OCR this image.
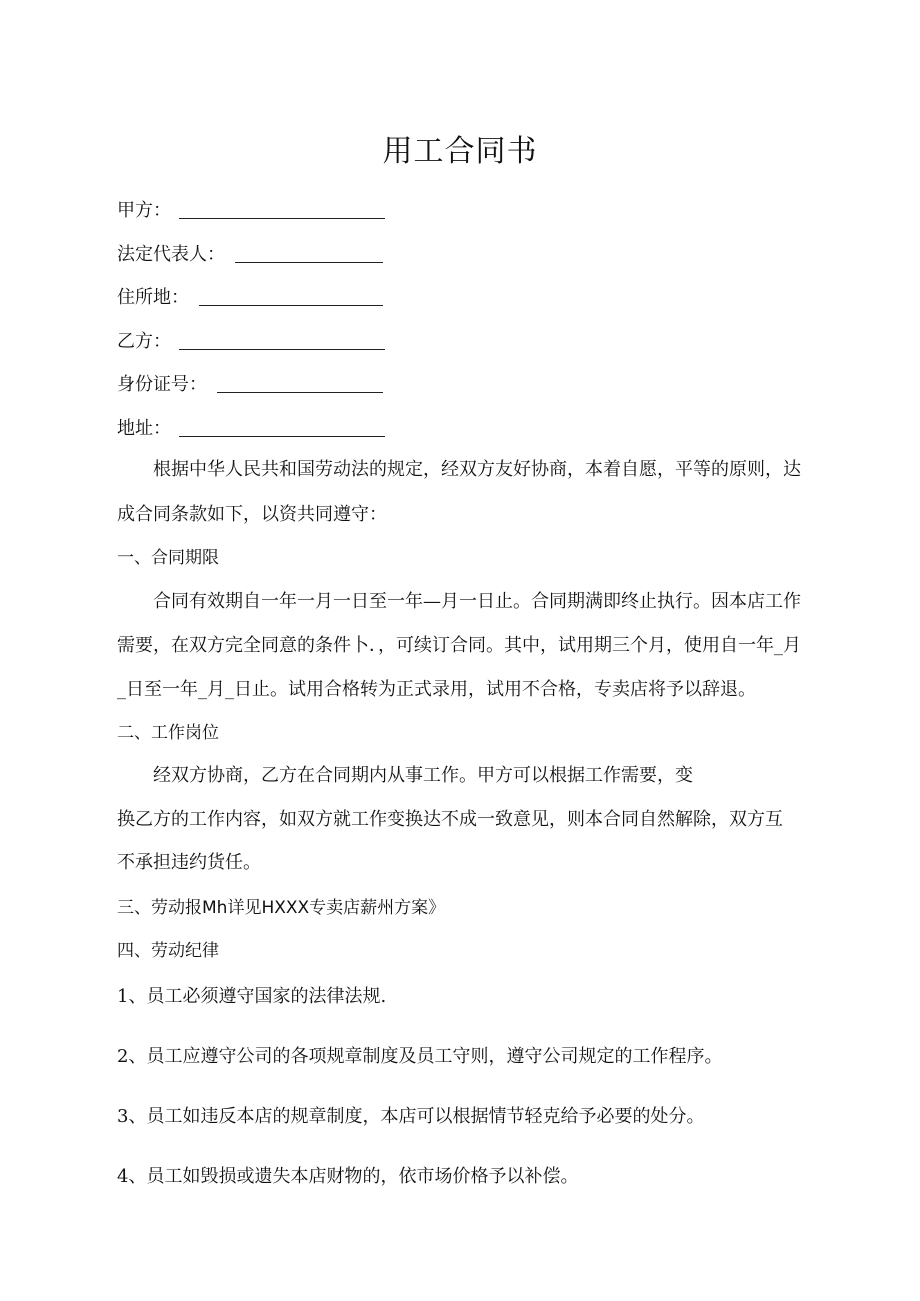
用工合同书
甲方：
法定代表人：
住所地：
乙方：
身份证号：
地址：
根据中华人民共和国劳动法的规定，经双方友好协商，本着自愿，平等的原则，达
成合同条款如下，以资共同遵守：
一、合同期限
合同有效期自一年一月一日至一年—月一日止。合同期满即终止执行。因本店工作
需要，在双方完全同意的条件卜．，可续订合同。其中，试用期三个月，使用自一年_月
_日至一年_月_日止。试用合格转为正式录用，试用不合格，专卖店将予以辞退。
二、工作岗位
经双方协商，乙方在合同期内从事工作。甲方可以根据工作需要，变
换乙方的工作内容，如双方就工作变换达不成一致意见，则本合同自然解除，双方互
不承担违约货任。
三、劳动报Mh详见HXXX专卖店薪州方案》
四、劳动纪律
1、员工必须遵守国家的法律法规.
2、员工应遵守公司的各项规章制度及员工守则，遵守公司规定的工作程序。
3、员工如违反本店的规章制度，本店可以根据情节轻克给予必要的处分。
4、员工如毁损或遗失本店财物的，依市场价格予以补偿。
